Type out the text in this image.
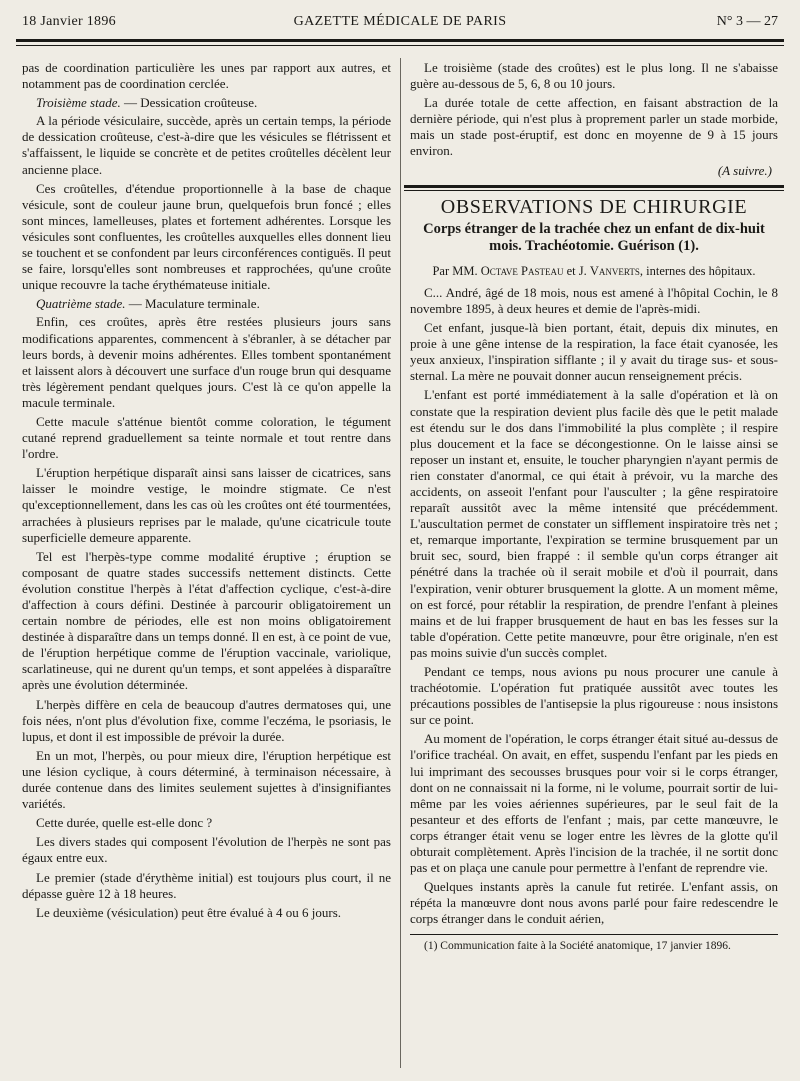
18 Janvier 1896	GAZETTE MÉDICALE DE PARIS	N° 3 — 27

pas de coordination particulière les unes par rapport aux autres, et notamment pas de coordination cerclée.

Troisième stade. — Dessication croûteuse.

A la période vésiculaire, succède, après un certain temps, la période de dessication croûteuse, c'est-à-dire que les vésicules se flétrissent et s'affaissent, le liquide se concrète et de petites croûtelles décèlent leur ancienne place.

Ces croûtelles, d'étendue proportionnelle à la base de chaque vésicule, sont de couleur jaune brun, quelquefois brun foncé ; elles sont minces, lamelleuses, plates et fortement adhérentes. Lorsque les vésicules sont confluentes, les croûtelles auxquelles elles donnent lieu se touchent et se confondent par leurs circonférences contiguës. Il peut se faire, lorsqu'elles sont nombreuses et rapprochées, qu'une croûte unique recouvre la tache érythémateuse initiale.

Quatrième stade. — Maculature terminale.

Enfin, ces croûtes, après être restées plusieurs jours sans modifications apparentes, commencent à s'ébranler, à se détacher par leurs bords, à devenir moins adhérentes. Elles tombent spontanément et laissent alors à découvert une surface d'un rouge brun qui desquame très légèrement pendant quelques jours. C'est là ce qu'on appelle la macule terminale.

Cette macule s'atténue bientôt comme coloration, le tégument cutané reprend graduellement sa teinte normale et tout rentre dans l'ordre.

L'éruption herpétique disparaît ainsi sans laisser de cicatrices, sans laisser le moindre vestige, le moindre stigmate. Ce n'est qu'exceptionnellement, dans les cas où les croûtes ont été tourmentées, arrachées à plusieurs reprises par le malade, qu'une cicatricule toute superficielle demeure apparente.

Tel est l'herpès-type comme modalité éruptive ; éruption se composant de quatre stades successifs nettement distincts. Cette évolution constitue l'herpès à l'état d'affection cyclique, c'est-à-dire d'affection à cours défini. Destinée à parcourir obligatoirement un certain nombre de périodes, elle est non moins obligatoirement destinée à disparaître dans un temps donné. Il en est, à ce point de vue, de l'éruption herpétique comme de l'éruption vaccinale, variolique, scarlatineuse, qui ne durent qu'un temps, et sont appelées à disparaître après une évolution déterminée.

L'herpès diffère en cela de beaucoup d'autres dermatoses qui, une fois nées, n'ont plus d'évolution fixe, comme l'eczéma, le psoriasis, le lupus, et dont il est impossible de prévoir la durée.

En un mot, l'herpès, ou pour mieux dire, l'éruption herpétique est une lésion cyclique, à cours déterminé, à terminaison nécessaire, à durée contenue dans des limites seulement sujettes à d'insignifiantes variétés.

Cette durée, quelle est-elle donc ?

Les divers stades qui composent l'évolution de l'herpès ne sont pas égaux entre eux.

Le premier (stade d'érythème initial) est toujours plus court, il ne dépasse guère 12 à 18 heures.

Le deuxième (vésiculation) peut être évalué à 4 ou 6 jours.

Le troisième (stade des croûtes) est le plus long. Il ne s'abaisse guère au-dessous de 5, 6, 8 ou 10 jours.

La durée totale de cette affection, en faisant abstraction de la dernière période, qui n'est plus à proprement parler un stade morbide, mais un stade post-éruptif, est donc en moyenne de 9 à 15 jours environ.

(A suivre.)

OBSERVATIONS DE CHIRURGIE
Corps étranger de la trachée chez un enfant de dix-huit mois. Trachéotomie. Guérison (1).
Par MM. Octave Pasteau et J. Vanverts, internes des hôpitaux.

C... André, âgé de 18 mois, nous est amené à l'hôpital Cochin, le 8 novembre 1895, à deux heures et demie de l'après-midi.

Cet enfant, jusque-là bien portant, était, depuis dix minutes, en proie à une gêne intense de la respiration, la face était cyanosée, les yeux anxieux, l'inspiration sifflante ; il y avait du tirage sus- et sous-sternal. La mère ne pouvait donner aucun renseignement précis.

L'enfant est porté immédiatement à la salle d'opération et là on constate que la respiration devient plus facile dès que le petit malade est étendu sur le dos dans l'immobilité la plus complète ; il respire plus doucement et la face se décongestionne. On le laisse ainsi se reposer un instant et, ensuite, le toucher pharyngien n'ayant permis de rien constater d'anormal, ce qui était à prévoir, vu la marche des accidents, on asseoit l'enfant pour l'ausculter ; la gêne respiratoire reparaît aussitôt avec la même intensité que précédemment. L'auscultation permet de constater un sifflement inspiratoire très net ; et, remarque importante, l'expiration se termine brusquement par un bruit sec, sourd, bien frappé : il semble qu'un corps étranger ait pénétré dans la trachée où il serait mobile et d'où il pourrait, dans l'expiration, venir obturer brusquement la glotte. A un moment même, on est forcé, pour rétablir la respiration, de prendre l'enfant à pleines mains et de lui frapper brusquement de haut en bas les fesses sur la table d'opération. Cette petite manœuvre, pour être originale, n'en est pas moins suivie d'un succès complet.

Pendant ce temps, nous avions pu nous procurer une canule à trachéotomie. L'opération fut pratiquée aussitôt avec toutes les précautions possibles de l'antisepsie la plus rigoureuse : nous insistons sur ce point.

Au moment de l'opération, le corps étranger était situé au-dessus de l'orifice trachéal. On avait, en effet, suspendu l'enfant par les pieds en lui imprimant des secousses brusques pour voir si le corps étranger, dont on ne connaissait ni la forme, ni le volume, pourrait sortir de lui-même par les voies aériennes supérieures, par le seul fait de la pesanteur et des efforts de l'enfant ; mais, par cette manœuvre, le corps étranger était venu se loger entre les lèvres de la glotte qu'il obturait complètement. Après l'incision de la trachée, il ne sortit donc pas et on plaça une canule pour permettre à l'enfant de reprendre vie.

Quelques instants après la canule fut retirée. L'enfant assis, on répéta la manœuvre dont nous avons parlé pour faire redescendre le corps étranger dans le conduit aérien,

(1) Communication faite à la Société anatomique, 17 janvier 1896.
